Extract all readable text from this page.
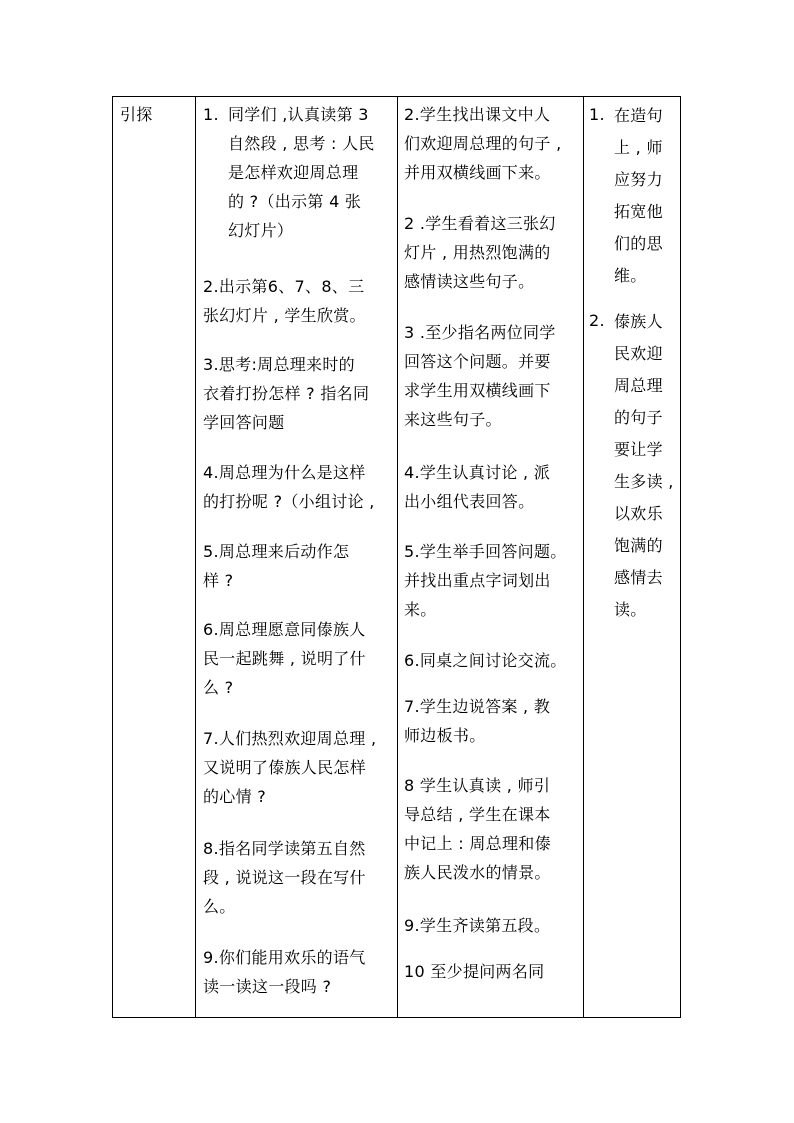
引探	1. 同学们 ,认真读第 3
自然段 , 思考 : 人民
是怎样欢迎周总理
的 ?（出示第 4 张
幻灯片）
2.出示第6、7、8、三
张幻灯片 , 学生欣赏。
3.思考:周总理来时的
衣着打扮怎样 ? 指名同
学回答问题
4.周总理为什么是这样
的打扮呢 ?（小组讨论 ,
5.周总理来后动作怎
样 ?
6.周总理愿意同傣族人
民一起跳舞 , 说明了什
么 ?
7.人们热烈欢迎周总理 ,
又说明了傣族人民怎样
的心情 ?
8.指名同学读第五自然
段 , 说说这一段在写什
么。
9.你们能用欢乐的语气
读一读这一段吗 ?
2.学生找出课文中人
们欢迎周总理的句子 ,
并用双横线画下来。
2 .学生看着这三张幻
灯片 , 用热烈饱满的
感情读这些句子。
3 .至少指名两位同学
回答这个问题。并要
求学生用双横线画下
来这些句子。
4.学生认真讨论 , 派
出小组代表回答。
5.学生举手回答问题。
并找出重点字词划出
来。
6.同桌之间讨论交流。
7.学生边说答案 , 教
师边板书。
8 学生认真读 , 师引
导总结 , 学生在课本
中记上 : 周总理和傣
族人民泼水的情景。
9.学生齐读第五段。
10 至少提问两名同
1. 在造句
上 , 师
应努力
拓宽他
们的思
维。
2. 傣族人
民欢迎
周总理
的句子
要让学
生多读 ,
以欢乐
饱满的
感情去
读。
